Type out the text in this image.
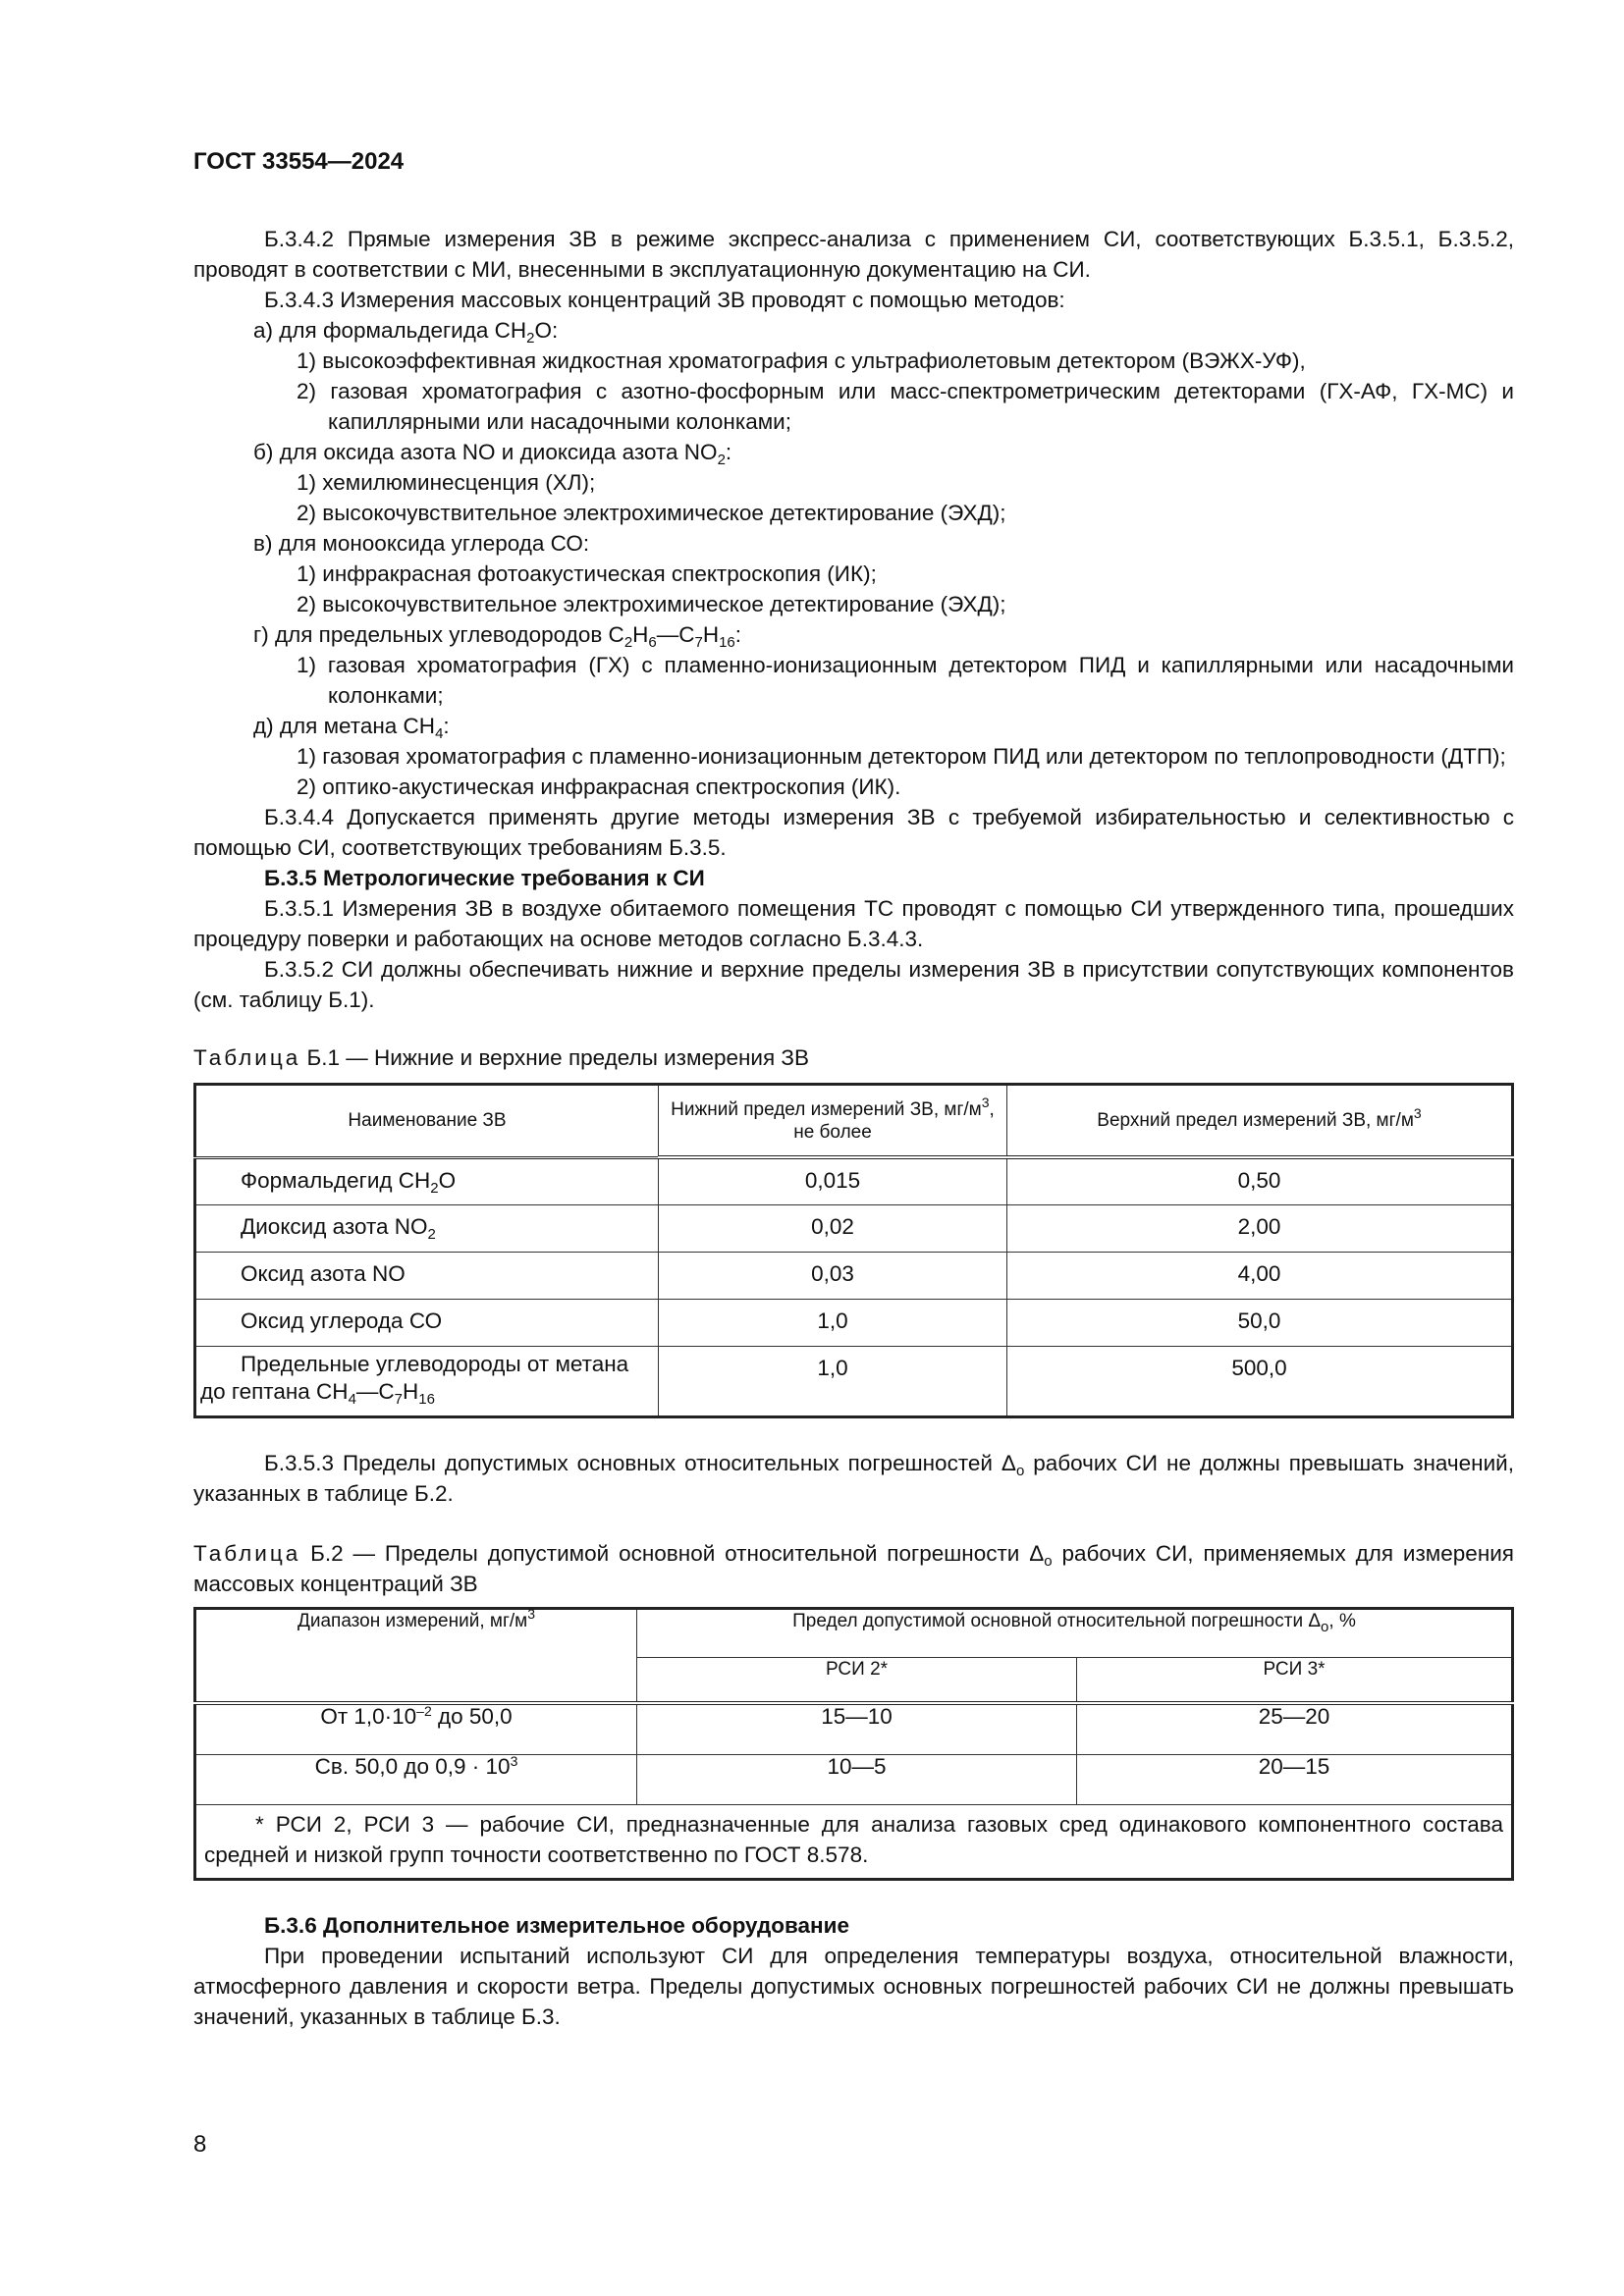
ГОСТ 33554—2024

Б.3.4.2 Прямые измерения ЗВ в режиме экспресс-анализа с применением СИ, соответствующих Б.3.5.1, Б.3.5.2, проводят в соответствии с МИ, внесенными в эксплуатационную документацию на СИ.

Б.3.4.3 Измерения массовых концентраций ЗВ проводят с помощью методов:

а) для формальдегида $СН_2О$:

1) высокоэффективная жидкостная хроматография с ультрафиолетовым детектором (ВЭЖХ-УФ),

2) газовая хроматография с азотно-фосфорным или масс-спектрометрическим детекторами (ГХ-АФ, ГХ-МС) и капиллярными или насадочными колонками;

б) для оксида азота NO и диоксида азота $NO_2$:

1) хемилюминесценция (ХЛ);

2) высокочувствительное электрохимическое детектирование (ЭХД);

в) для монооксида углерода СО:

1) инфракрасная фотоакустическая спектроскопия (ИК);

2) высокочувствительное электрохимическое детектирование (ЭХД);

г) для предельных углеводородов $С_2Н_6—С_7Н_{16}$:

1) газовая хроматография (ГХ) с пламенно-ионизационным детектором ПИД и капиллярными или насадочными колонками;

д) для метана $СН_4$:

1) газовая хроматография с пламенно-ионизационным детектором ПИД или детектором по теплопроводности (ДТП);

2) оптико-акустическая инфракрасная спектроскопия (ИК).

Б.3.4.4 Допускается применять другие методы измерения ЗВ с требуемой избирательностью и селективностью с помощью СИ, соответствующих требованиям Б.3.5.

Б.3.5 Метрологические требования к СИ

Б.3.5.1 Измерения ЗВ в воздухе обитаемого помещения ТС проводят с помощью СИ утвержденного типа, прошедших процедуру поверки и работающих на основе методов согласно Б.3.4.3.

Б.3.5.2 СИ должны обеспечивать нижние и верхние пределы измерения ЗВ в присутствии сопутствующих компонентов (см. таблицу Б.1).

Таблица Б.1 — Нижние и верхние пределы измерения ЗВ

Наименование ЗВ	Нижний предел измерений ЗВ, $мг/м^3$, не более	Верхний предел измерений ЗВ, $мг/м^3$
Формальдегид $СН_2О$	0,015	0,50
Диоксид азота $NO_2$	0,02	2,00
Оксид азота NO	0,03	4,00
Оксид углерода СО	1,0	50,0
Предельные углеводороды от метана до гептана $СН_4—С_7Н_{16}$	1,0	500,0

Б.3.5.3 Пределы допустимых основных относительных погрешностей $\Delta_о$ рабочих СИ не должны превышать значений, указанных в таблице Б.2.

Таблица Б.2 — Пределы допустимой основной относительной погрешности $\Delta_о$ рабочих СИ, применяемых для измерения массовых концентраций ЗВ

Диапазон измерений, $мг/м^3$	Предел допустимой основной относительной погрешности $\Delta_о$, %	
	РСИ 2*	РСИ 3*
От $1,0\cdot 10^{-2}$ до 50,0	15—10	25—20
Св. 50,0 до $0,9 \cdot 10^3$	10—5	20—15

* РСИ 2, РСИ 3 — рабочие СИ, предназначенные для анализа газовых сред одинакового компонентного состава средней и низкой групп точности соответственно по ГОСТ 8.578.		

Б.3.6 Дополнительное измерительное оборудование

При проведении испытаний используют СИ для определения температуры воздуха, относительной влажности, атмосферного давления и скорости ветра. Пределы допустимых основных погрешностей рабочих СИ не должны превышать значений, указанных в таблице Б.3.

8
